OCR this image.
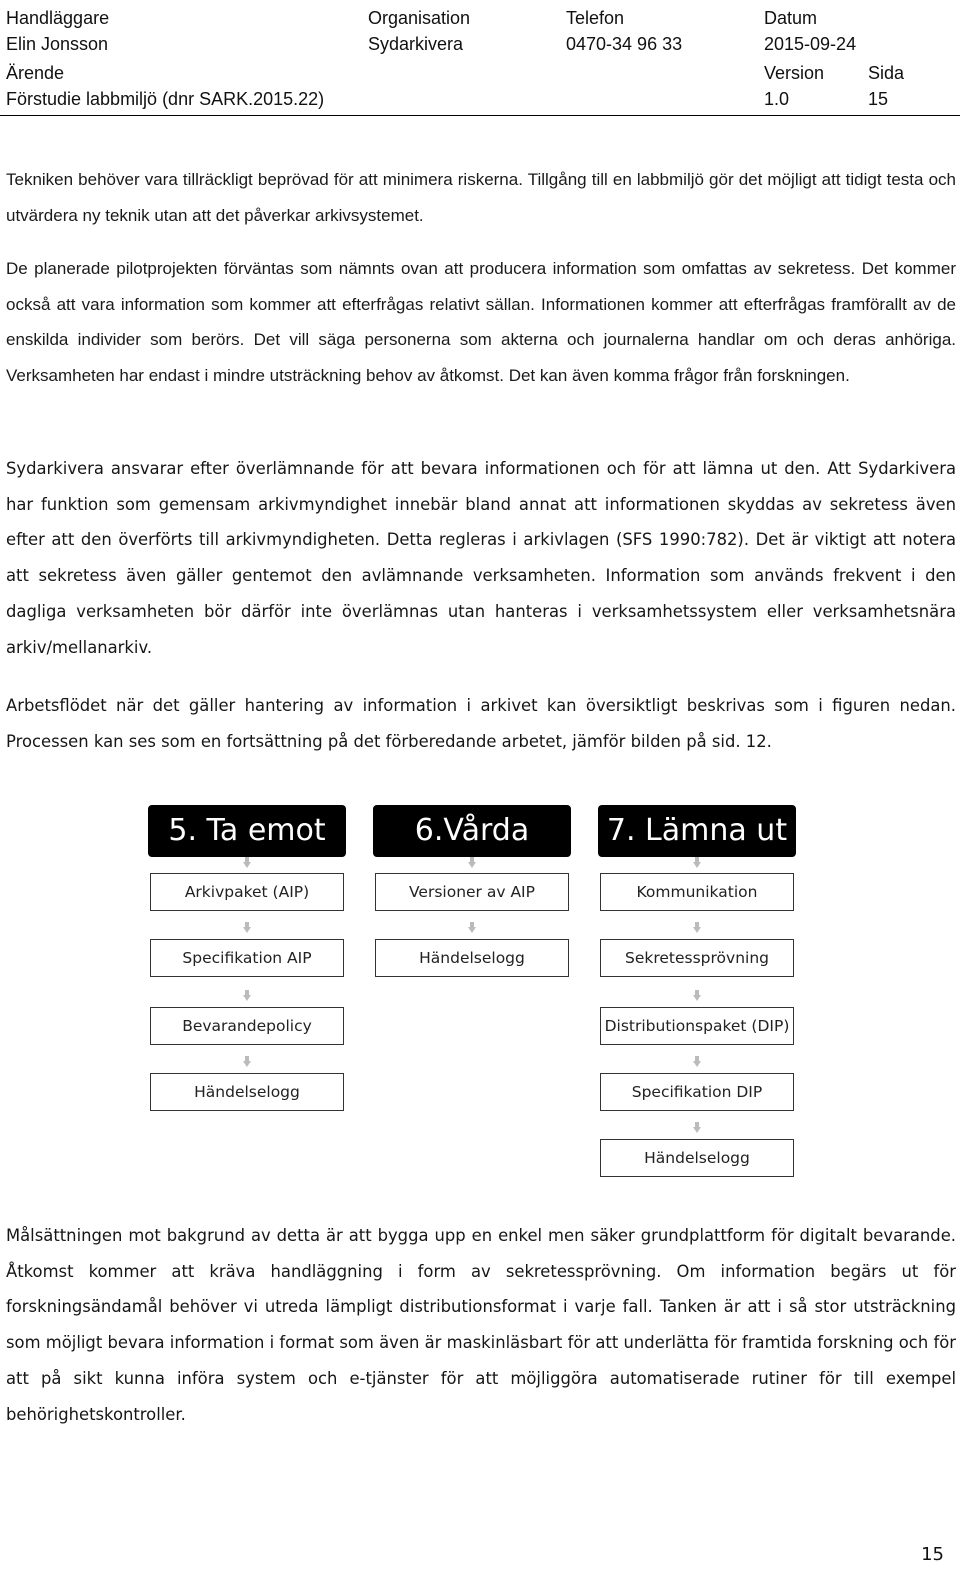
Handläggare
Elin Jonsson
Organisation
Sydarkivera
Telefon
0470-34 96 33
Datum
2015-09-24
Ärende
Förstudie labbmiljö (dnr SARK.2015.22)
Version
1.0
Sida
15

Tekniken behöver vara tillräckligt beprövad för att minimera riskerna. Tillgång till en labbmiljö gör det möjligt att tidigt testa och utvärdera ny teknik utan att det påverkar arkivsystemet.

De planerade pilotprojekten förväntas som nämnts ovan att producera information som omfattas av sekretess. Det kommer också att vara information som kommer att efterfrågas relativt sällan. Informationen kommer att efterfrågas framförallt av de enskilda individer som berörs. Det vill säga personerna som akterna och journalerna handlar om och deras anhöriga. Verksamheten har endast i mindre utsträckning behov av åtkomst. Det kan även komma frågor från forskningen.

Sydarkivera ansvarar efter överlämnande för att bevara informationen och för att lämna ut den. Att Sydarkivera har funktion som gemensam arkivmyndighet innebär bland annat att informationen skyddas av sekretess även efter att den överförts till arkivmyndigheten. Detta regleras i arkivlagen (SFS 1990:782). Det är viktigt att notera att sekretess även gäller gentemot den avlämnande verksamheten. Information som används frekvent i den dagliga verksamheten bör därför inte överlämnas utan hanteras i verksamhetssystem eller verksamhetsnära arkiv/mellanarkiv.

Arbetsflödet när det gäller hantering av information i arkivet kan översiktligt beskrivas som i figuren nedan. Processen kan ses som en fortsättning på det förberedande arbetet, jämför bilden på sid. 12.

5. Ta emot
Arkivpaket (AIP)
Specifikation AIP
Bevarandepolicy
Händelselogg
6.Vårda
Versioner av AIP
Händelselogg
7. Lämna ut
Kommunikation
Sekretessprövning
Distributionspaket (DIP)
Specifikation DIP
Händelselogg

Målsättningen mot bakgrund av detta är att bygga upp en enkel men säker grundplattform för digitalt bevarande. Åtkomst kommer att kräva handläggning i form av sekretessprövning. Om information begärs ut för forskningsändamål behöver vi utreda lämpligt distributionsformat i varje fall. Tanken är att i så stor utsträckning som möjligt bevara information i format som även är maskinläsbart för att underlätta för framtida forskning och för att på sikt kunna införa system och e-tjänster för att möjliggöra automatiserade rutiner för till exempel behörighetskontroller.

15
